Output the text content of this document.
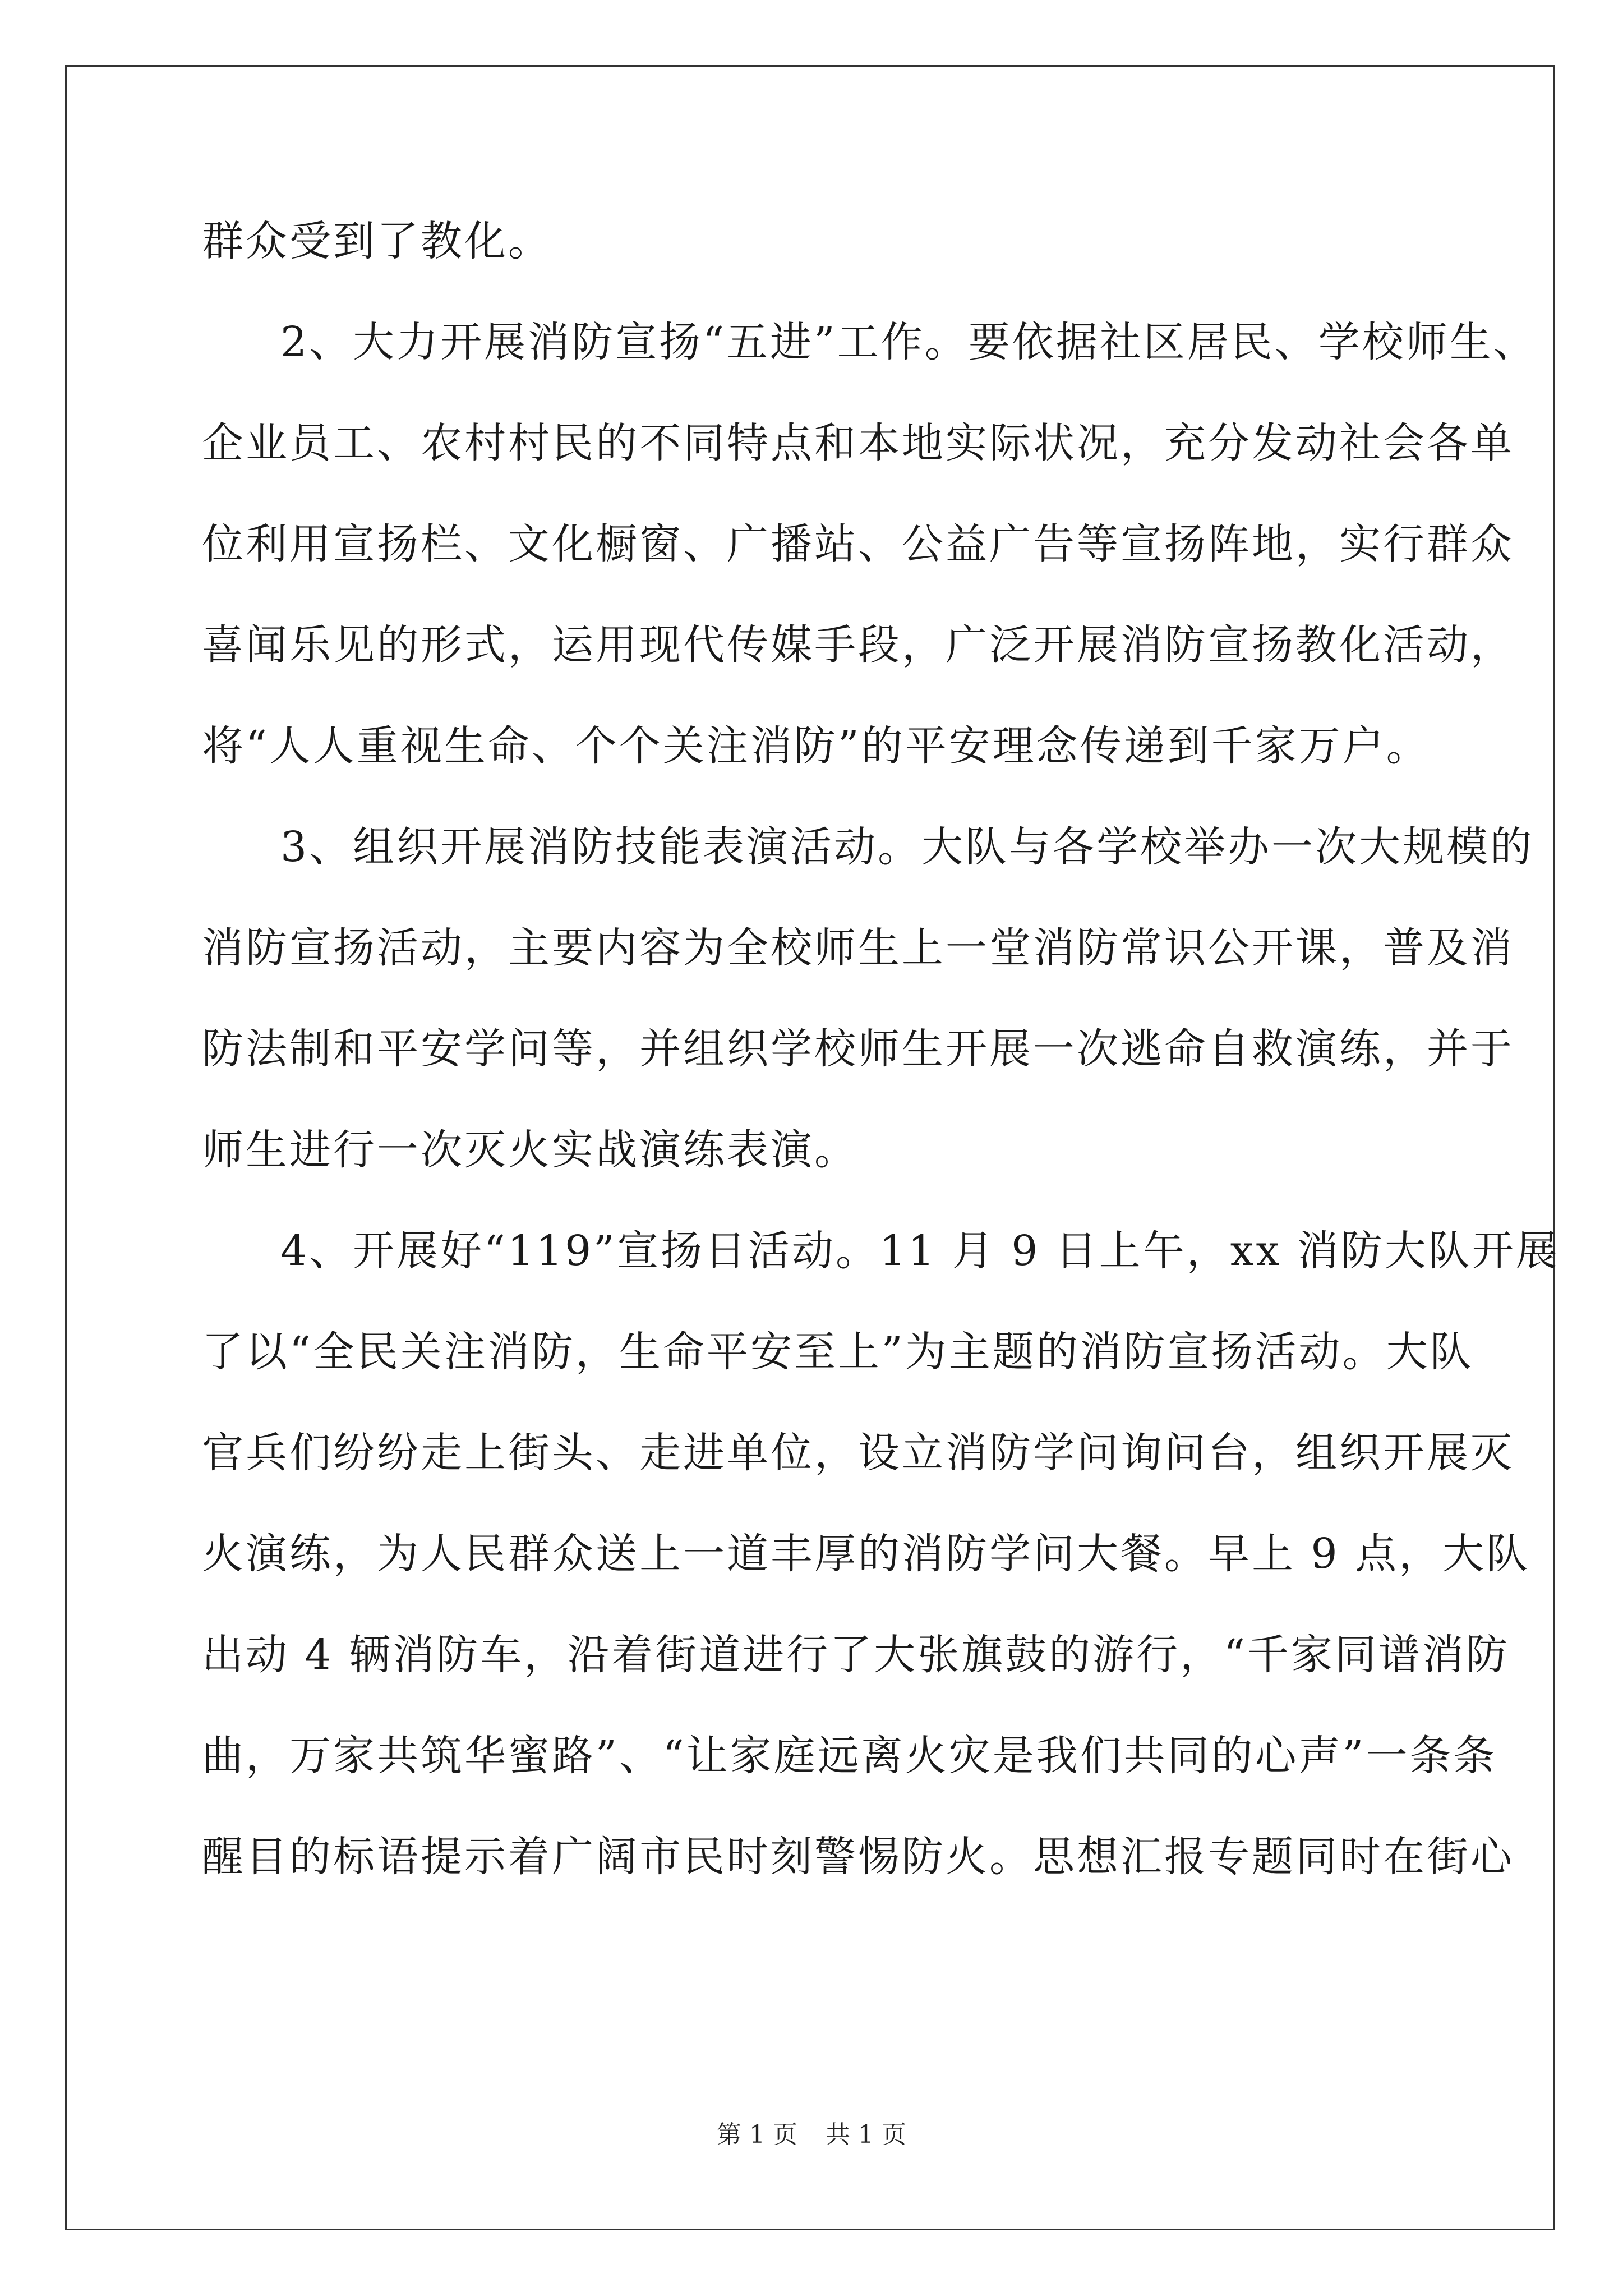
群众受到了教化。
2、大力开展消防宣扬“五进”工作。要依据社区居民、学校师生、
企业员工、农村村民的不同特点和本地实际状况，充分发动社会各单
位利用宣扬栏、文化橱窗、广播站、公益广告等宣扬阵地，实行群众
喜闻乐见的形式，运用现代传媒手段，广泛开展消防宣扬教化活动，
将“人人重视生命、个个关注消防”的平安理念传递到千家万户。
3、组织开展消防技能表演活动。大队与各学校举办一次大规模的
消防宣扬活动，主要内容为全校师生上一堂消防常识公开课，普及消
防法制和平安学问等，并组织学校师生开展一次逃命自救演练，并于
师生进行一次灭火实战演练表演。
4、开展好“119”宣扬日活动。11 月 9 日上午，xx 消防大队开展
了以“全民关注消防，生命平安至上”为主题的消防宣扬活动。大队
官兵们纷纷走上街头、走进单位，设立消防学问询问台，组织开展灭
火演练，为人民群众送上一道丰厚的消防学问大餐。早上 9 点，大队
出动 4 辆消防车，沿着街道进行了大张旗鼓的游行，“千家同谱消防
曲，万家共筑华蜜路”、“让家庭远离火灾是我们共同的心声”一条条
醒目的标语提示着广阔市民时刻警惕防火。思想汇报专题同时在街心
第 1 页 共 1 页
